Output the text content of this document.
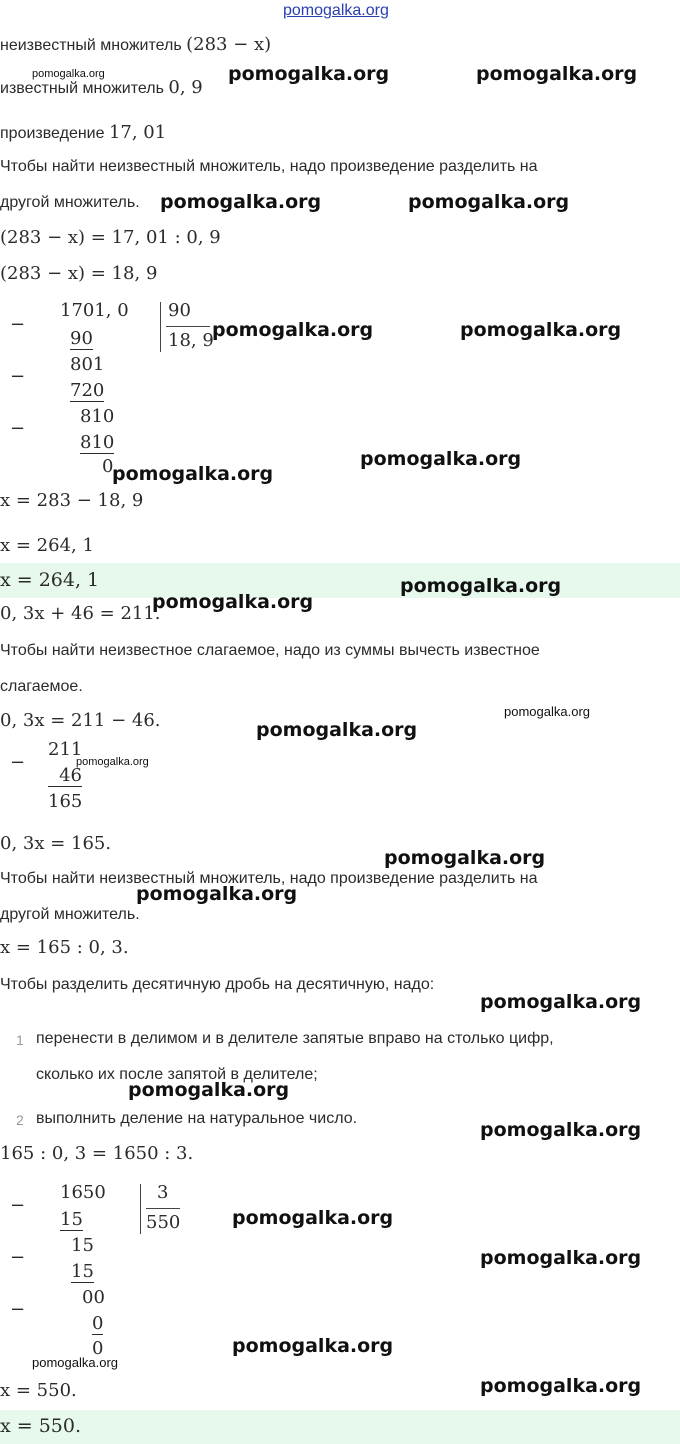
pomogalka.org
неизвестный множитель (283 − x)
известный множитель 0, 9
произведение 17, 01
Чтобы найти неизвестный множитель, надо произведение разделить на
другой множитель.
(283 − x) = 17, 01 : 0, 9
(283 − x) = 18, 9
−
−
−
1701, 0
90
801
720
810
810
0
90
18, 9
x = 283 − 18, 9
x = 264, 1
x = 264, 1
0, 3x + 46 = 211.
Чтобы найти неизвестное слагаемое, надо из суммы вычесть известное
слагаемое.
0, 3x = 211 − 46.
−
211
46
165
0, 3x = 165.
Чтобы найти неизвестный множитель, надо произведение разделить на
другой множитель.
x = 165 : 0, 3.
Чтобы разделить десятичную дробь на десятичную, надо:
1 перенести в делимом и в делителе запятые вправо на столько цифр,
сколько их после запятой в делителе;
2 выполнить деление на натуральное число.
165 : 0, 3 = 1650 : 3.
−
−
−
1650
15
15
15
00
0
0
3
550
x = 550.
x = 550.
pomogalka.org	pomogalka.org	pomogalka.org
pomogalka.org	pomogalka.org
pomogalka.org	pomogalka.org
pomogalka.org
pomogalka.org
pomogalka.org
pomogalka.org
pomogalka.org
pomogalka.org
pomogalka.org
pomogalka.org
pomogalka.org
pomogalka.org
pomogalka.org
pomogalka.org
pomogalka.org
pomogalka.org
pomogalka.org
pomogalka.org
pomogalka.org
